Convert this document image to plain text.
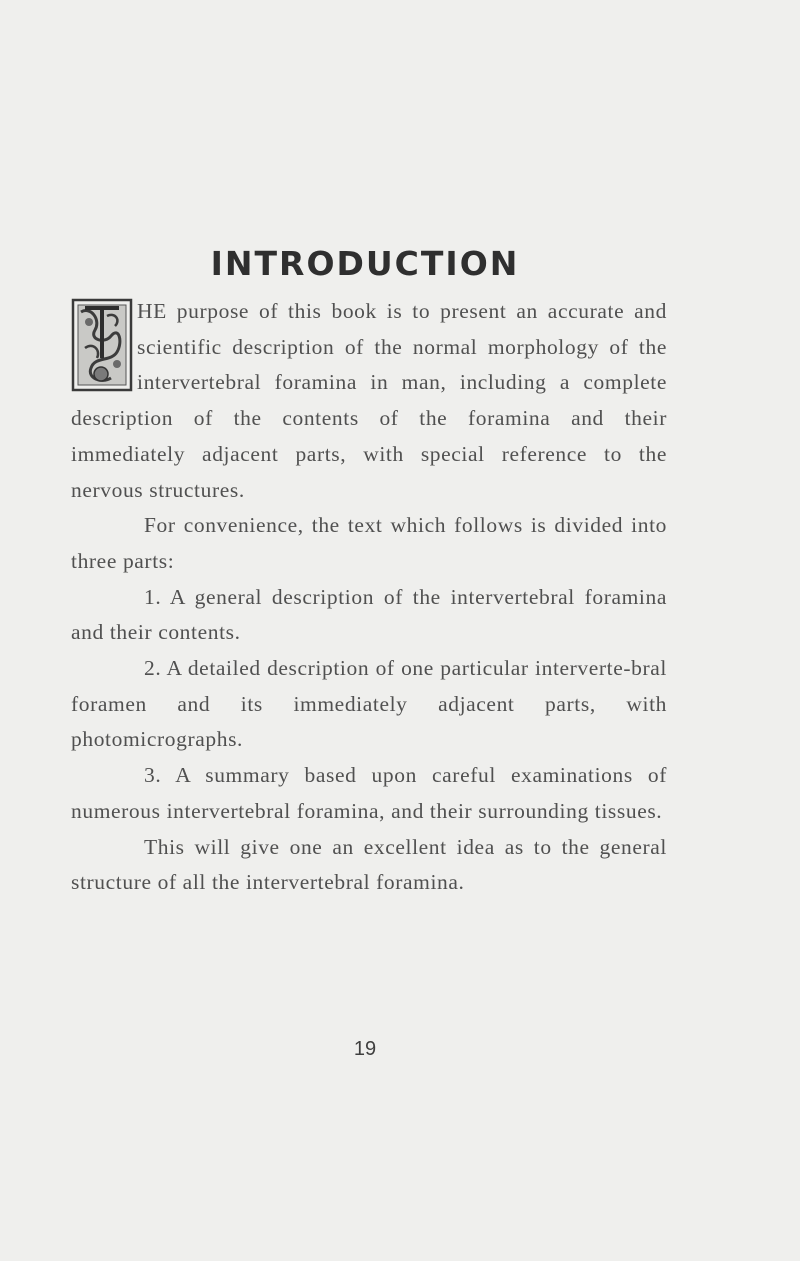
INTRODUCTION

HE purpose of this book is to present an accurate and scientific description of the normal morphology of the intervertebral foramina in man, including a complete description of the contents of the foramina and their immediately adjacent parts, with special reference to the nervous structures.

For convenience, the text which follows is divided into three parts:

1. A general description of the intervertebral foramina and their contents.

2. A detailed description of one particular interverte-bral foramen and its immediately adjacent parts, with photomicrographs.

3. A summary based upon careful examinations of numerous intervertebral foramina, and their surrounding tissues.

This will give one an excellent idea as to the general structure of all the intervertebral foramina.

19
